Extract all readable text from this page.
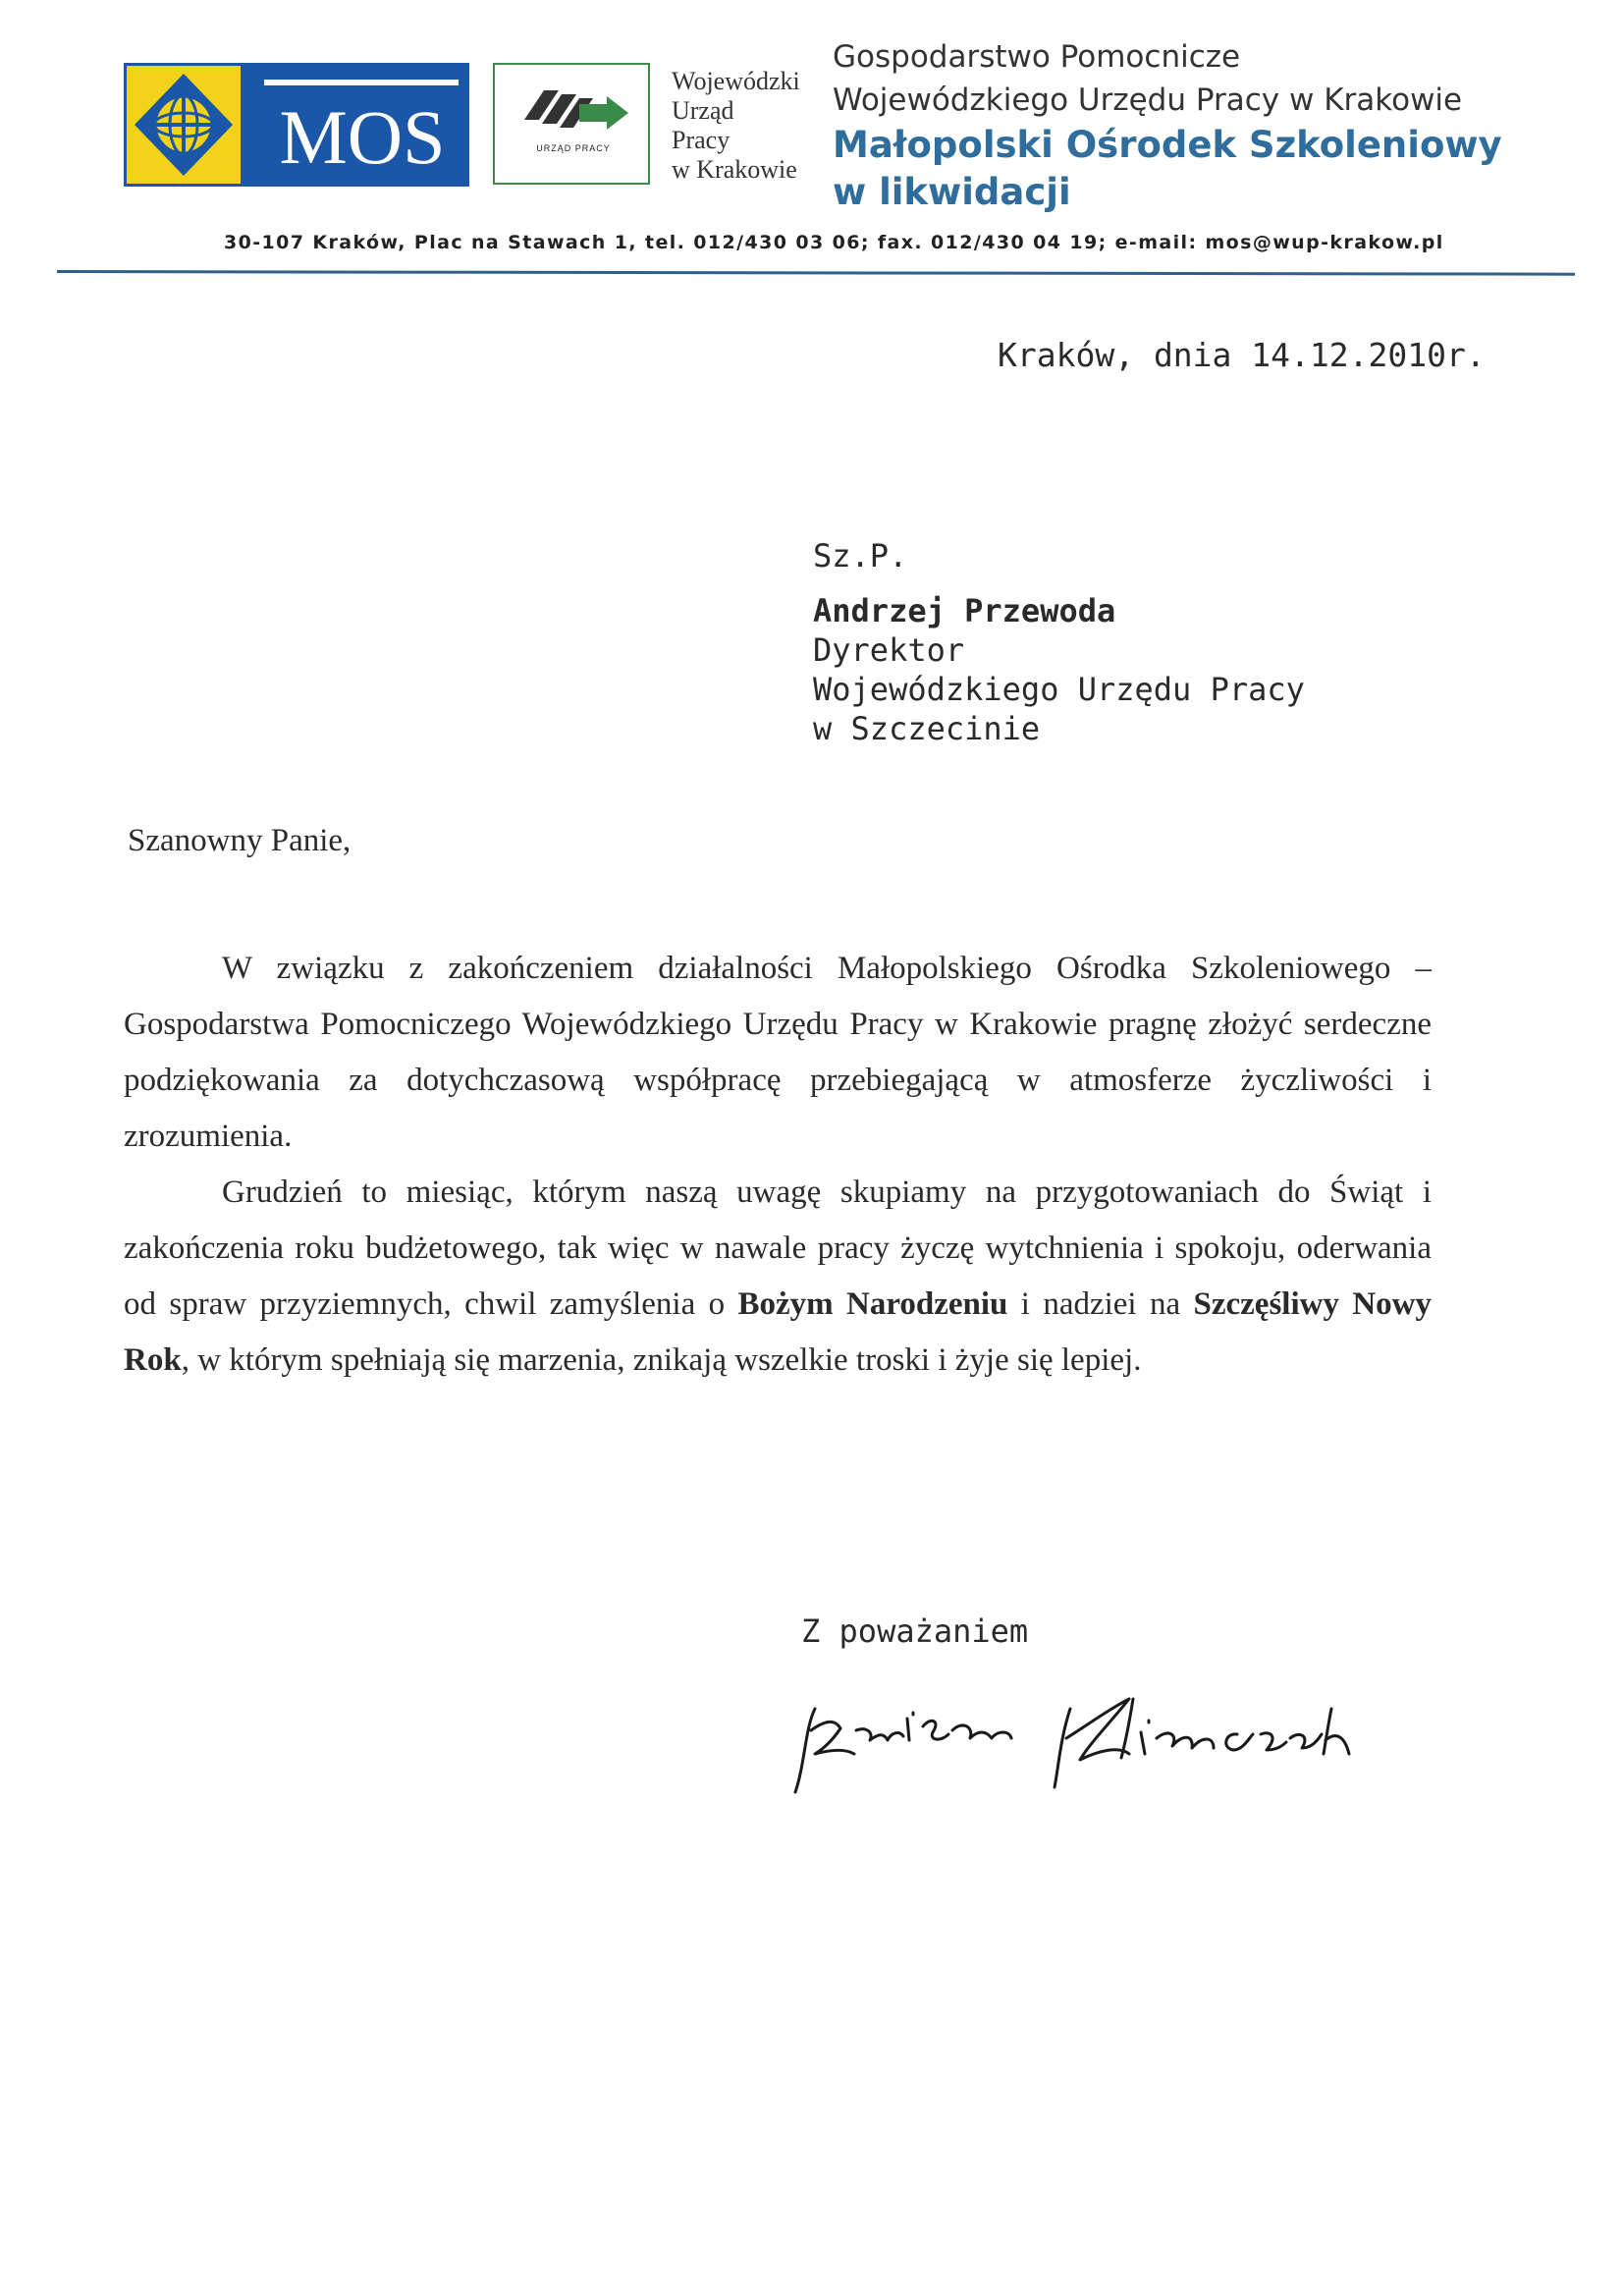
MOS	URZĄD PRACY
Wojewódzki
Urząd
Pracy
w Krakowie
Gospodarstwo Pomocnicze
Wojewódzkiego Urzędu Pracy w Krakowie
Małopolski Ośrodek Szkoleniowy
w likwidacji
30-107 Kraków, Plac na Stawach 1, tel. 012/430 03 06; fax. 012/430 04 19; e-mail: mos@wup-krakow.pl
Kraków, dnia 14.12.2010r.
Sz.P.
Andrzej Przewoda
Dyrektor
Wojewódzkiego Urzędu Pracy
w Szczecinie
Szanowny Panie,

W związku z zakończeniem działalności Małopolskiego Ośrodka Szkoleniowego – Gospodarstwa Pomocniczego Wojewódzkiego Urzędu Pracy w Krakowie pragnę złożyć serdeczne podziękowania za dotychczasową współpracę przebiegającą w atmosferze życzliwości i zrozumienia.

Grudzień to miesiąc, którym naszą uwagę skupiamy na przygotowaniach do Świąt i zakończenia roku budżetowego, tak więc w nawale pracy życzę wytchnienia i spokoju, oderwania od spraw przyziemnych, chwil zamyślenia o Bożym Narodzeniu i nadziei na Szczęśliwy Nowy Rok, w którym spełniają się marzenia, znikają wszelkie troski i żyje się lepiej.

Z poważaniem
